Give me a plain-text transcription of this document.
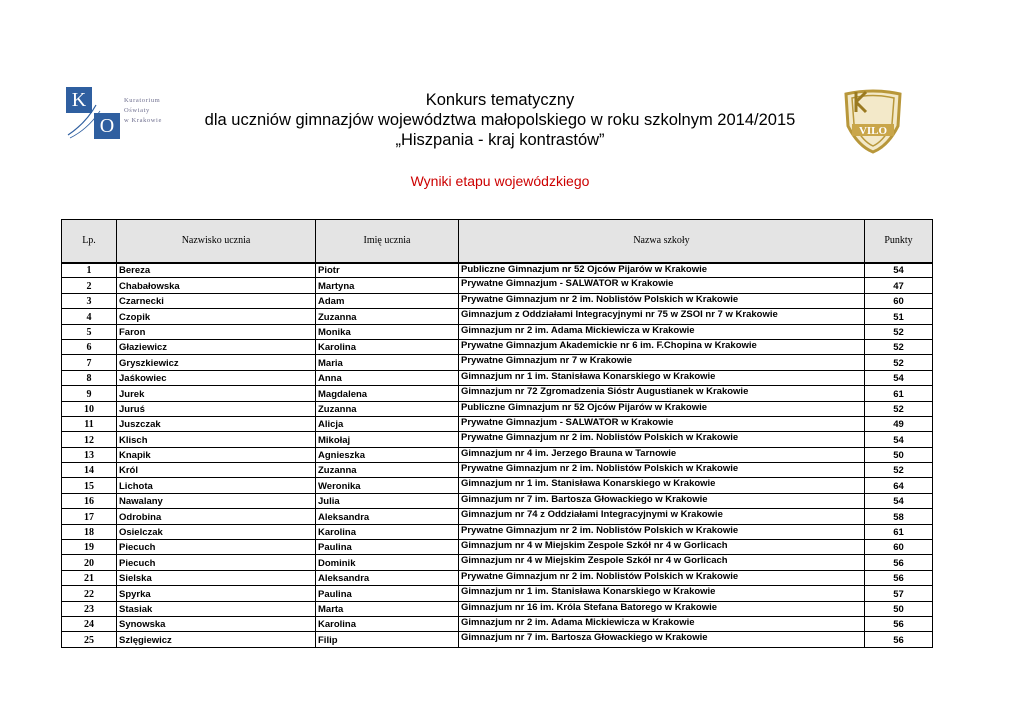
K
O
Kuratorium
Oświaty
w Krakowie
VILO
Konkurs tematyczny
dla uczniów gimnazjów województwa małopolskiego w roku szkolnym 2014/2015
„Hiszpania - kraj kontrastów”
Wyniki etapu wojewódzkiego
Lp.	Nazwisko ucznia	Imię ucznia	Nazwa szkoły	Punkty
1	Bereza	Piotr	Publiczne Gimnazjum nr 52 Ojców Pijarów w Krakowie	54
2	Chabałowska	Martyna	Prywatne Gimnazjum - SALWATOR w Krakowie	47
3	Czarnecki	Adam	Prywatne Gimnazjum nr 2 im. Noblistów Polskich w Krakowie	60
4	Czopik	Zuzanna	Gimnazjum z Oddziałami Integracyjnymi nr 75 w ZSOI nr 7 w Krakowie	51
5	Faron	Monika	Gimnazjum nr 2 im. Adama Mickiewicza w Krakowie	52
6	Głaziewicz	Karolina	Prywatne Gimnazjum Akademickie nr 6 im. F.Chopina w Krakowie	52
7	Gryszkiewicz	Maria	Prywatne Gimnazjum nr 7 w Krakowie	52
8	Jaśkowiec	Anna	Gimnazjum nr 1 im. Stanisława Konarskiego w Krakowie	54
9	Jurek	Magdalena	Gimnazjum nr 72 Zgromadzenia Sióstr Augustianek w Krakowie	61
10	Juruś	Zuzanna	Publiczne Gimnazjum nr 52 Ojców Pijarów w Krakowie	52
11	Juszczak	Alicja	Prywatne Gimnazjum - SALWATOR w Krakowie	49
12	Klisch	Mikołaj	Prywatne Gimnazjum nr 2 im. Noblistów Polskich w Krakowie	54
13	Knapik	Agnieszka	Gimnazjum nr 4 im. Jerzego Brauna w Tarnowie	50
14	Król	Zuzanna	Prywatne Gimnazjum nr 2 im. Noblistów Polskich w Krakowie	52
15	Lichota	Weronika	Gimnazjum nr 1 im. Stanisława Konarskiego w Krakowie	64
16	Nawalany	Julia	Gimnazjum nr 7 im. Bartosza Głowackiego w Krakowie	54
17	Odrobina	Aleksandra	Gimnazjum nr 74 z Oddziałami Integracyjnymi w Krakowie	58
18	Osielczak	Karolina	Prywatne Gimnazjum nr 2 im. Noblistów Polskich w Krakowie	61
19	Piecuch	Paulina	Gimnazjum nr 4 w Miejskim Zespole Szkół nr 4 w Gorlicach	60
20	Piecuch	Dominik	Gimnazjum nr 4 w Miejskim Zespole Szkół nr 4 w Gorlicach	56
21	Sielska	Aleksandra	Prywatne Gimnazjum nr 2 im. Noblistów Polskich w Krakowie	56
22	Spyrka	Paulina	Gimnazjum nr 1 im. Stanisława Konarskiego w Krakowie	57
23	Stasiak	Marta	Gimnazjum nr 16 im. Króla Stefana Batorego w Krakowie	50
24	Synowska	Karolina	Gimnazjum nr 2 im. Adama Mickiewicza w Krakowie	56
25	Szlęgiewicz	Filip	Gimnazjum nr 7 im. Bartosza Głowackiego w Krakowie	56
